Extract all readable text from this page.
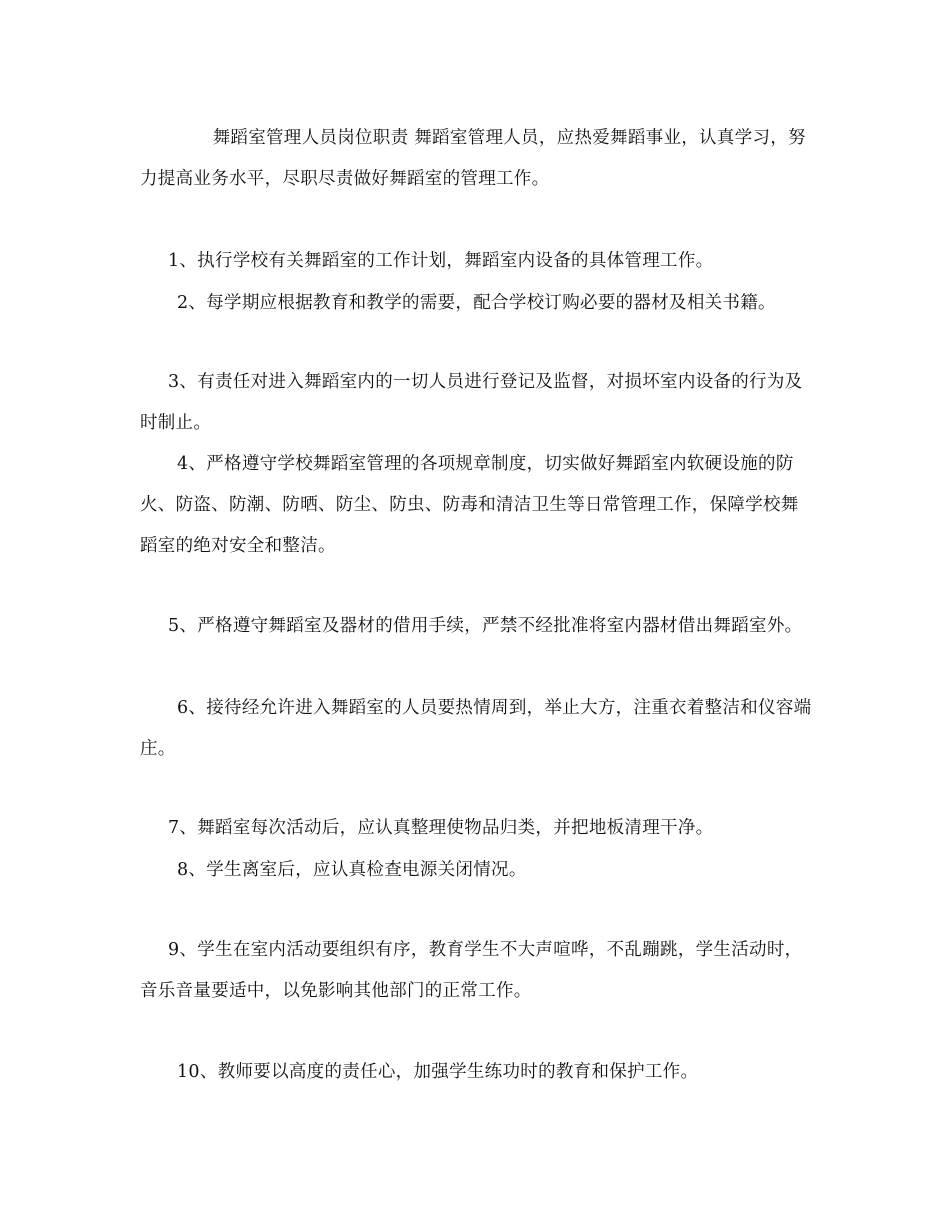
　　舞蹈室管理人员岗位职责 舞蹈室管理人员，应热爱舞蹈事业，认真学习，努力提高业务水平，尽职尽责做好舞蹈室的管理工作。

1、执行学校有关舞蹈室的工作计划，舞蹈室内设备的具体管理工作。

2、每学期应根据教育和教学的需要，配合学校订购必要的器材及相关书籍。

3、有责任对进入舞蹈室内的一切人员进行登记及监督，对损坏室内设备的行为及时制止。

4、严格遵守学校舞蹈室管理的各项规章制度，切实做好舞蹈室内软硬设施的防火、防盗、防潮、防晒、防尘、防虫、防毒和清洁卫生等日常管理工作，保障学校舞蹈室的绝对安全和整洁。

5、严格遵守舞蹈室及器材的借用手续，严禁不经批准将室内器材借出舞蹈室外。

6、接待经允许进入舞蹈室的人员要热情周到，举止大方，注重衣着整洁和仪容端庄。

7、舞蹈室每次活动后，应认真整理使物品归类，并把地板清理干净。

8、学生离室后，应认真检查电源关闭情况。

9、学生在室内活动要组织有序，教育学生不大声喧哗，不乱蹦跳，学生活动时，音乐音量要适中，以免影响其他部门的正常工作。

10、教师要以高度的责任心，加强学生练功时的教育和保护工作。
